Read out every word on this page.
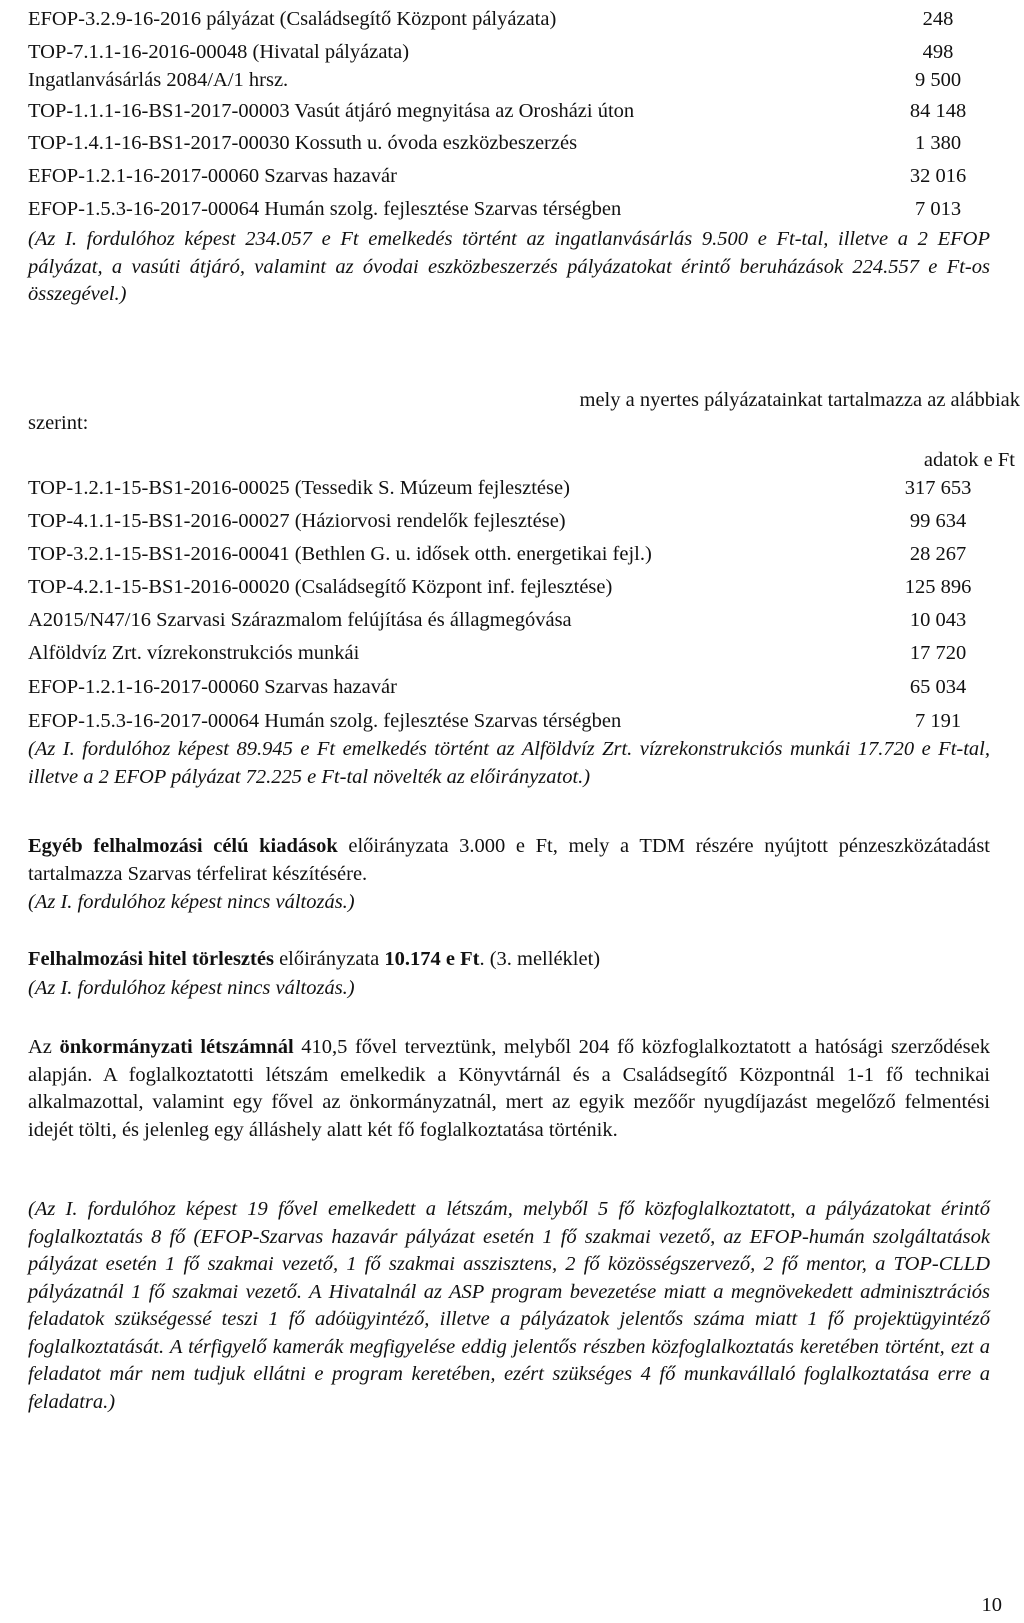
EFOP-3.2.9-16-2016 pályázat (Családsegítő Központ pályázata)	248
TOP-7.1.1-16-2016-00048 (Hivatal pályázata)	498
Ingatlanvásárlás 2084/A/1 hrsz.	9 500
TOP-1.1.1-16-BS1-2017-00003 Vasút átjáró megnyitása az Orosházi úton	84 148
TOP-1.4.1-16-BS1-2017-00030 Kossuth u. óvoda eszközbeszerzés	1 380
EFOP-1.2.1-16-2017-00060 Szarvas hazavár	32 016
EFOP-1.5.3-16-2017-00064 Humán szolg. fejlesztése Szarvas térségben	7 013
(Az I. fordulóhoz képest 234.057 e Ft emelkedés történt az ingatlanvásárlás 9.500 e Ft-tal, illetve a 2 EFOP pályázat, a vasúti átjáró, valamint az óvodai eszközbeszerzés pályázatokat érintő beruházások 224.557 e Ft-os összegével.)
mely a nyertes pályázatainkat tartalmazza az alábbiak
szerint:
adatok e Ft
TOP-1.2.1-15-BS1-2016-00025 (Tessedik S. Múzeum fejlesztése)	317 653
TOP-4.1.1-15-BS1-2016-00027 (Háziorvosi rendelők fejlesztése)	99 634
TOP-3.2.1-15-BS1-2016-00041 (Bethlen G. u. idősek otth. energetikai fejl.)	28 267
TOP-4.2.1-15-BS1-2016-00020 (Családsegítő Központ inf. fejlesztése)	125 896
A2015/N47/16 Szarvasi Szárazmalom felújítása és állagmegóvása	10 043
Alföldvíz Zrt. vízrekonstrukciós munkái	17 720
EFOP-1.2.1-16-2017-00060 Szarvas hazavár	65 034
EFOP-1.5.3-16-2017-00064 Humán szolg. fejlesztése Szarvas térségben	7 191
(Az I. fordulóhoz képest 89.945 e Ft emelkedés történt az Alföldvíz Zrt. vízrekonstrukciós munkái 17.720 e Ft-tal, illetve a 2 EFOP pályázat 72.225 e Ft-tal növelték az előirányzatot.)
Egyéb felhalmozási célú kiadások előirányzata 3.000 e Ft, mely a TDM részére nyújtott pénzeszközátadást tartalmazza Szarvas térfelirat készítésére.
(Az I. fordulóhoz képest nincs változás.)
Felhalmozási hitel törlesztés előirányzata 10.174 e Ft. (3. melléklet)
(Az I. fordulóhoz képest nincs változás.)
Az önkormányzati létszámnál 410,5 fővel terveztünk, melyből 204 fő közfoglalkoztatott a hatósági szerződések alapján. A foglalkoztatotti létszám emelkedik a Könyvtárnál és a Családsegítő Központnál 1-1 fő technikai alkalmazottal, valamint egy fővel az önkormányzatnál, mert az egyik mezőőr nyugdíjazást megelőző felmentési idejét tölti, és jelenleg egy álláshely alatt két fő foglalkoztatása történik.
(Az I. fordulóhoz képest 19 fővel emelkedett a létszám, melyből 5 fő közfoglalkoztatott, a pályázatokat érintő foglalkoztatás 8 fő (EFOP-Szarvas hazavár pályázat esetén 1 fő szakmai vezető, az EFOP-humán szolgáltatások pályázat esetén 1 fő szakmai vezető, 1 fő szakmai asszisztens, 2 fő közösségszervező, 2 fő mentor, a TOP-CLLD pályázatnál 1 fő szakmai vezető. A Hivatalnál az ASP program bevezetése miatt a megnövekedett adminisztrációs feladatok szükségessé teszi 1 fő adóügyintéző, illetve a pályázatok jelentős száma miatt 1 fő projektügyintéző foglalkoztatását. A térfigyelő kamerák megfigyelése eddig jelentős részben közfoglalkoztatás keretében történt, ezt a feladatot már nem tudjuk ellátni e program keretében, ezért szükséges 4 fő munkavállaló foglalkoztatása erre a feladatra.)
10
